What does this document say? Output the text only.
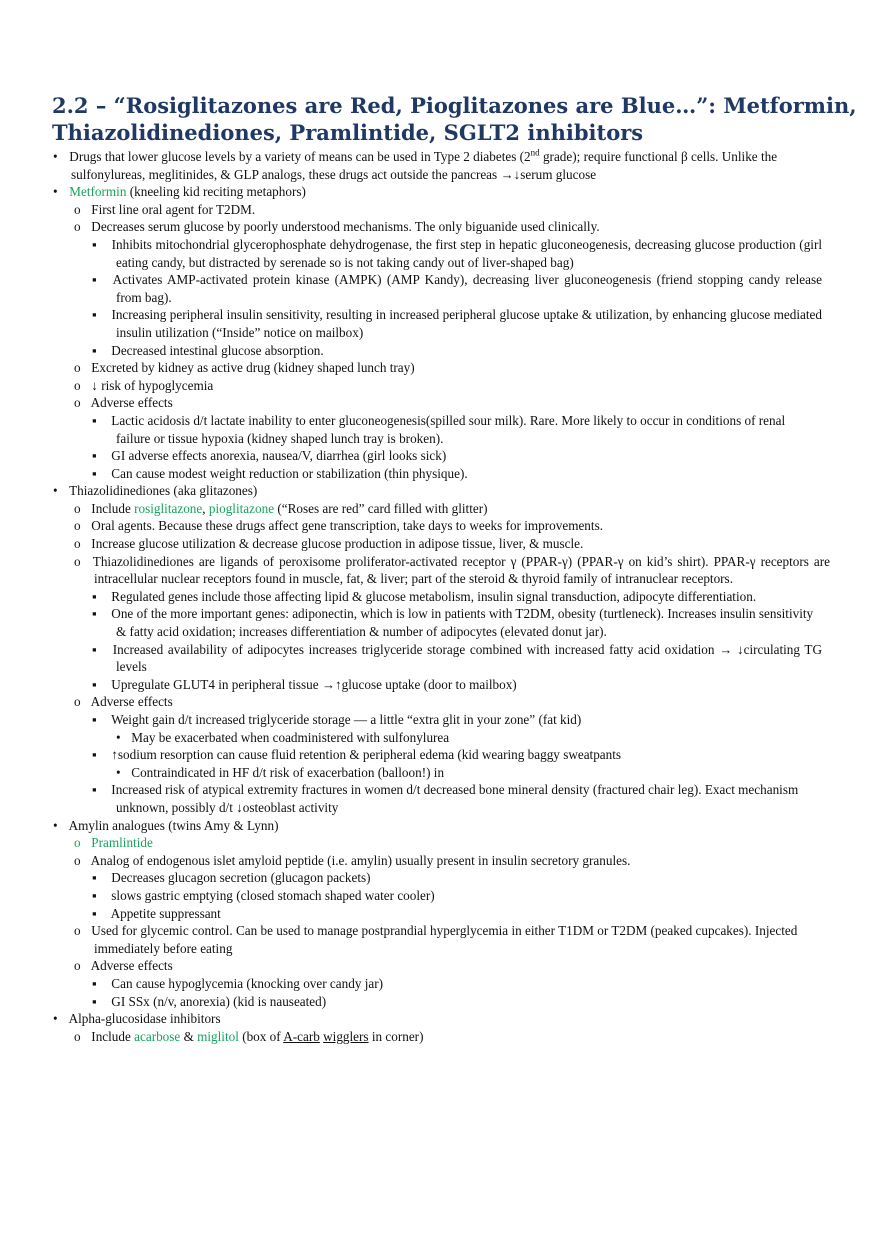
2.2 – “Rosiglitazones are Red, Pioglitazones are Blue…”: Metformin,
Thiazolidinediones, Pramlintide, SGLT2 inhibitors
• Drugs that lower glucose levels by a variety of means can be used in Type 2 diabetes (2nd grade); require functional β cells. Unlike the sulfonylureas, meglitinides, & GLP analogs, these drugs act outside the pancreas →↓serum glucose
• Metformin (kneeling kid reciting metaphors)
o First line oral agent for T2DM.
o Decreases serum glucose by poorly understood mechanisms. The only biguanide used clinically.
▪ Inhibits mitochondrial glycerophosphate dehydrogenase, the first step in hepatic gluconeogenesis, decreasing glucose production (girl eating candy, but distracted by serenade so is not taking candy out of liver-shaped bag)
▪ Activates AMP-activated protein kinase (AMPK) (AMP Kandy), decreasing liver gluconeogenesis (friend stopping candy release from bag).
▪ Increasing peripheral insulin sensitivity, resulting in increased peripheral glucose uptake & utilization, by enhancing glucose mediated insulin utilization (“Inside” notice on mailbox)
▪ Decreased intestinal glucose absorption.
o Excreted by kidney as active drug (kidney shaped lunch tray)
o ↓ risk of hypoglycemia
o Adverse effects
▪ Lactic acidosis d/t lactate inability to enter gluconeogenesis(spilled sour milk). Rare. More likely to occur in conditions of renal failure or tissue hypoxia (kidney shaped lunch tray is broken).
▪ GI adverse effects anorexia, nausea/V, diarrhea (girl looks sick)
▪ Can cause modest weight reduction or stabilization (thin physique).
• Thiazolidinediones (aka glitazones)
o Include rosiglitazone, pioglitazone (“Roses are red” card filled with glitter)
o Oral agents. Because these drugs affect gene transcription, take days to weeks for improvements.
o Increase glucose utilization & decrease glucose production in adipose tissue, liver, & muscle.
o Thiazolidinediones are ligands of peroxisome proliferator-activated receptor γ (PPAR-γ) (PPAR-γ on kid’s shirt). PPAR-γ receptors are intracellular nuclear receptors found in muscle, fat, & liver; part of the steroid & thyroid family of intranuclear receptors.
▪ Regulated genes include those affecting lipid & glucose metabolism, insulin signal transduction, adipocyte differentiation.
▪ One of the more important genes: adiponectin, which is low in patients with T2DM, obesity (turtleneck). Increases insulin sensitivity & fatty acid oxidation; increases differentiation & number of adipocytes (elevated donut jar).
▪ Increased availability of adipocytes increases triglyceride storage combined with increased fatty acid oxidation → ↓circulating TG levels
▪ Upregulate GLUT4 in peripheral tissue →↑glucose uptake (door to mailbox)
o Adverse effects
▪ Weight gain d/t increased triglyceride storage — a little “extra glit in your zone” (fat kid)
• May be exacerbated when coadministered with sulfonylurea
▪ ↑sodium resorption can cause fluid retention & peripheral edema (kid wearing baggy sweatpants
• Contraindicated in HF d/t risk of exacerbation (balloon!) in
▪ Increased risk of atypical extremity fractures in women d/t decreased bone mineral density (fractured chair leg). Exact mechanism unknown, possibly d/t ↓osteoblast activity
• Amylin analogues (twins Amy & Lynn)
o Pramlintide
o Analog of endogenous islet amyloid peptide (i.e. amylin) usually present in insulin secretory granules.
▪ Decreases glucagon secretion (glucagon packets)
▪ slows gastric emptying (closed stomach shaped water cooler)
▪ Appetite suppressant
o Used for glycemic control. Can be used to manage postprandial hyperglycemia in either T1DM or T2DM (peaked cupcakes). Injected immediately before eating
o Adverse effects
▪ Can cause hypoglycemia (knocking over candy jar)
▪ GI SSx (n/v, anorexia) (kid is nauseated)
• Alpha-glucosidase inhibitors
o Include acarbose & miglitol (box of A-carb wigglers in corner)
